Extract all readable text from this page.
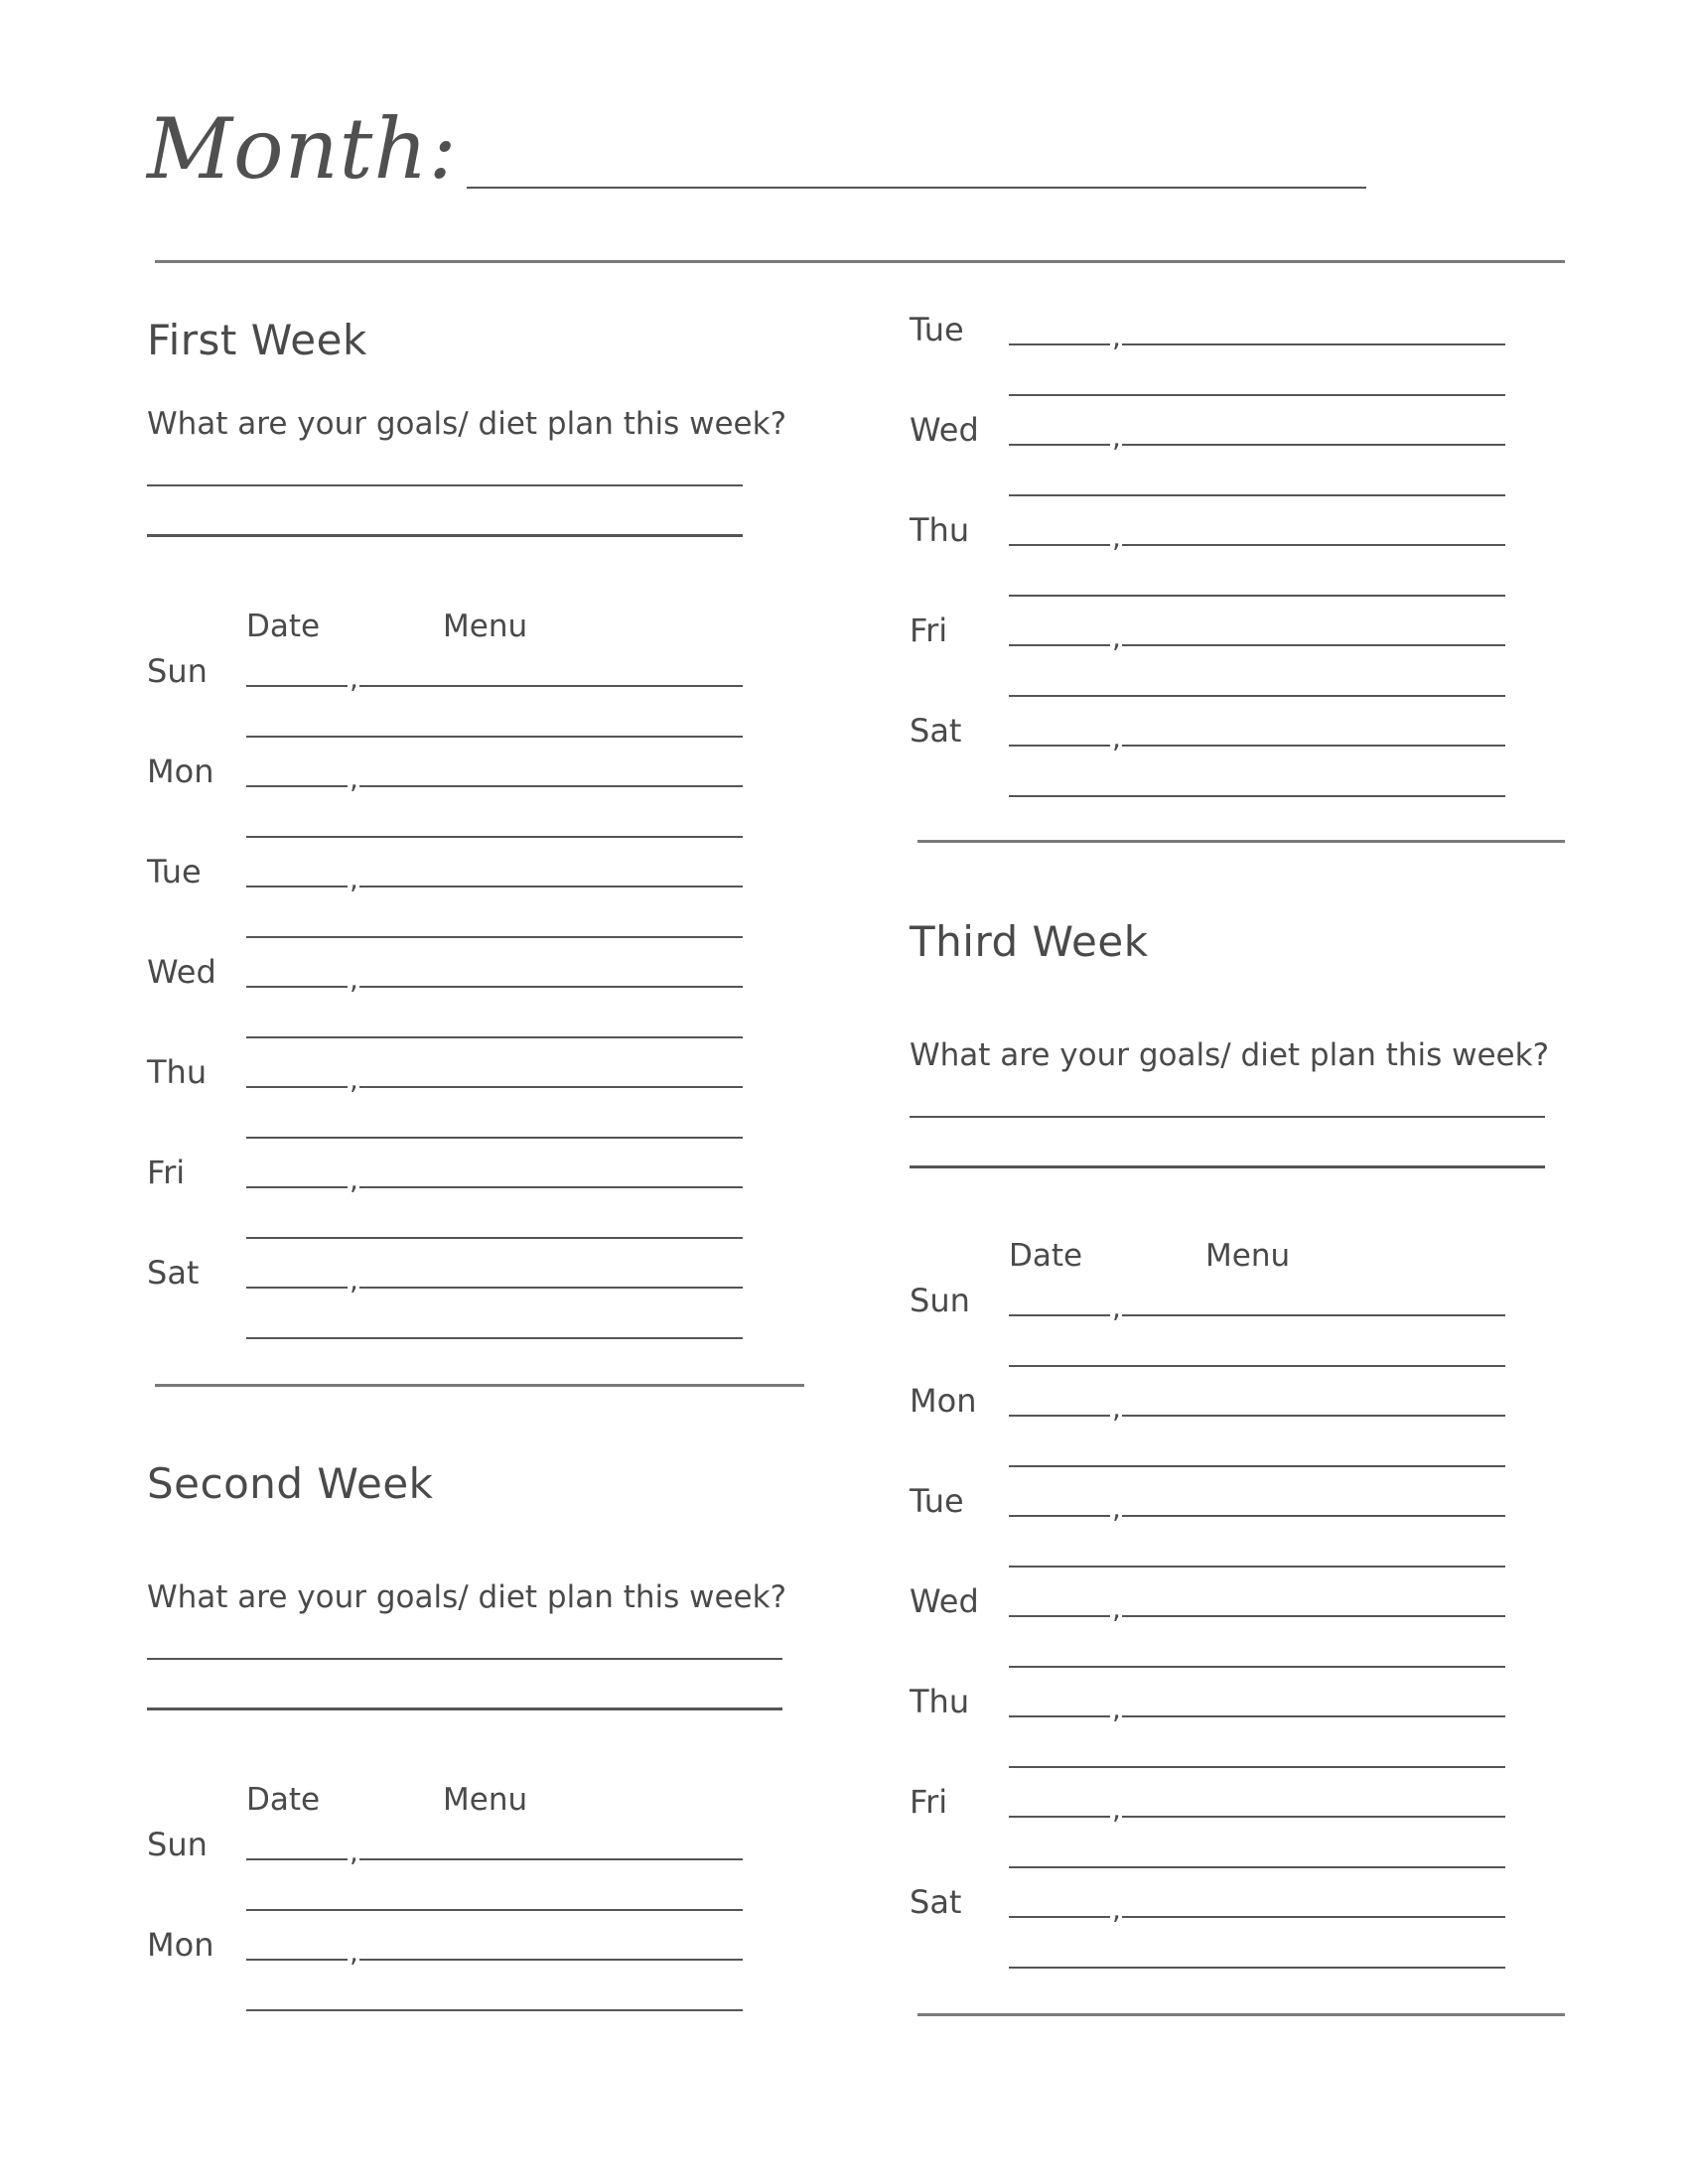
Month:
First Week
What are your goals/ diet plan this week?
Date	Menu
Sun	,
Mon	,
Tue	,
Wed	,
Thu	,
Fri	,
Sat	,
Second Week
What are your goals/ diet plan this week?
Date	Menu
Sun	,
Mon	,
Tue	,
Wed	,
Thu	,
Fri	,
Sat	,
Third Week
What are your goals/ diet plan this week?
Date	Menu
Sun	,
Mon	,
Tue	,
Wed	,
Thu	,
Fri	,
Sat	,
